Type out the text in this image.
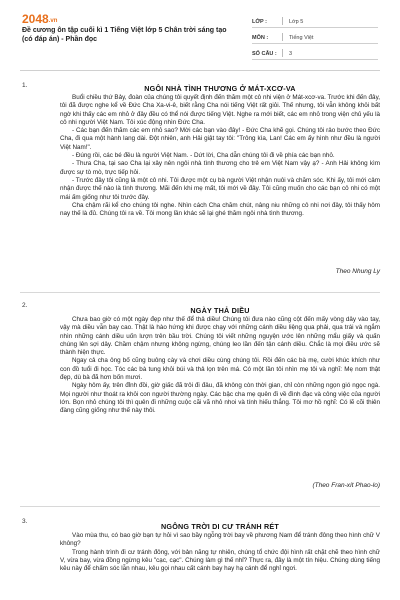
2048.vn
Đề cương ôn tập cuối kì 1 Tiếng Việt lớp 5 Chân trời sáng tạo (có đáp án) - Phần đọc
LỚP :	Lớp 5
MÔN :	Tiếng Việt
SỐ CÂU :	3
1.	NGÔI NHÀ TÌNH THƯƠNG Ở MÁT-XCƠ-VA

Buổi chiều thứ Bảy, đoàn của chúng tôi quyết định đến thăm một cô nhi viện ở Mát-xcơ-va. Trước khi đến đây, tôi đã được nghe kể về Đức Cha Xa-vi-ê, biết rằng Cha nói tiếng Việt rất giỏi. Thế nhưng, tôi vẫn không khỏi bất ngờ khi thấy các em nhỏ ở đây đều có thể nói được tiếng Việt. Nghe ra mới biết, các em nhỏ trong viện chủ yếu là cô nhi người Việt Nam. Tôi xúc động nhìn Đức Cha.

- Các bạn đến thăm các em nhỏ sao? Mời các bạn vào đây! - Đức Cha khẽ gọi. Chúng tôi rảo bước theo Đức Cha, đi qua một hành lang dài. Đột nhiên, anh Hải giật tay tôi: "Trông kìa, Lan! Các em ấy hình như đều là người Việt Nam!".

- Đúng rồi, các bé đều là người Việt Nam. - Dứt lời, Cha dẫn chúng tôi đi về phía các bạn nhỏ.

- Thưa Cha, tại sao Cha lại xây nên ngôi nhà tình thương cho trẻ em Việt Nam vậy ạ? - Anh Hải không kìm được sự tò mò, trực tiếp hỏi.

- Trước đây tôi cũng là một cô nhi. Tôi được một cụ bà người Việt nhận nuôi và chăm sóc. Khi ấy, tôi mới cảm nhận được thế nào là tình thương. Mãi đến khi mẹ mất, tôi mới về đây. Tôi cũng muốn cho các bạn cô nhi có một mái ấm giống như tôi trước đây.

Cha chậm rãi kể cho chúng tôi nghe. Nhìn cách Cha chăm chút, nâng niu những cô nhi nơi đây, tôi thấy hôm nay thế là đủ. Chúng tôi ra về. Tôi mong lần khác sẽ lại ghé thăm ngôi nhà tình thương.

Theo Nhung Ly
2.
NGÀY THẢ DIỀU

Chưa bao giờ có một ngày đẹp như thế để thả diều! Chúng tôi đưa nào cũng cột đến mấy vòng dây vào tay, vậy mà diều vẫn bay cao. Thật là hào hứng khi được chạy với những cánh diều liệng qua phải, qua trái và ngắm nhìn những cánh diều uốn lượn trên bầu trời. Chúng tôi viết những nguyện ước lên những mẩu giấy và quấn chúng lên sợi dây. Chầm chậm nhưng không ngừng, chúng leo lần đến tận cánh diều. Chắc là mọi điều ước sẽ thành hiện thực.

Ngay cả cha ông bố cũng buông cày và chơi diều cùng chúng tôi. Rồi đến các bà mẹ, cười khúc khích như con đồ tuổi đi học. Tóc các bà tung khỏi búi và thả lọn trên má. Có một lần tôi nhìn mẹ tôi và nghĩ: Mẹ nom thật đẹp, dù bà đã hơn bốn mươi.

Ngày hôm ấy, trên đỉnh đồi, giờ giấc đã trôi đi đâu, đã không còn thời gian, chỉ còn những ngọn gió ngọc ngà. Mọi người như thoát ra khỏi con người thường ngày. Các bậc cha mẹ quên đi về đình đạc và công việc của người lớn. Bọn nhỏ chúng tôi thì quên đi những cuộc cãi vã nhỏ nhoi và tính hiếu thắng. Tôi mơ hồ nghĩ: Có lẽ cõi thiên đàng cũng giống như thế này thôi.

(Theo Fran-xít Phao-lo)
3.
NGÔNG TRỜI DI CƯ TRÁNH RÉT

Vào mùa thu, có bao giờ bạn tự hỏi vì sao bầy ngỗng trời bay về phương Nam để tránh đông theo hình chữ V không?

Trong hành trình đi cư tránh đông, với bản năng tự nhiên, chúng tổ chức đội hình rất chặt chẽ theo hình chữ V, vừa bay, vừa đồng ngừng kêu "cạc, cạc". Chúng làm gì thế nhỉ? Thực ra, đây là một tín hiệu. Chúng dùng tiếng kêu này để chấm sóc lẫn nhau, kêu gọi nhau cất cánh bay hay hạ cánh để nghỉ ngơi.
